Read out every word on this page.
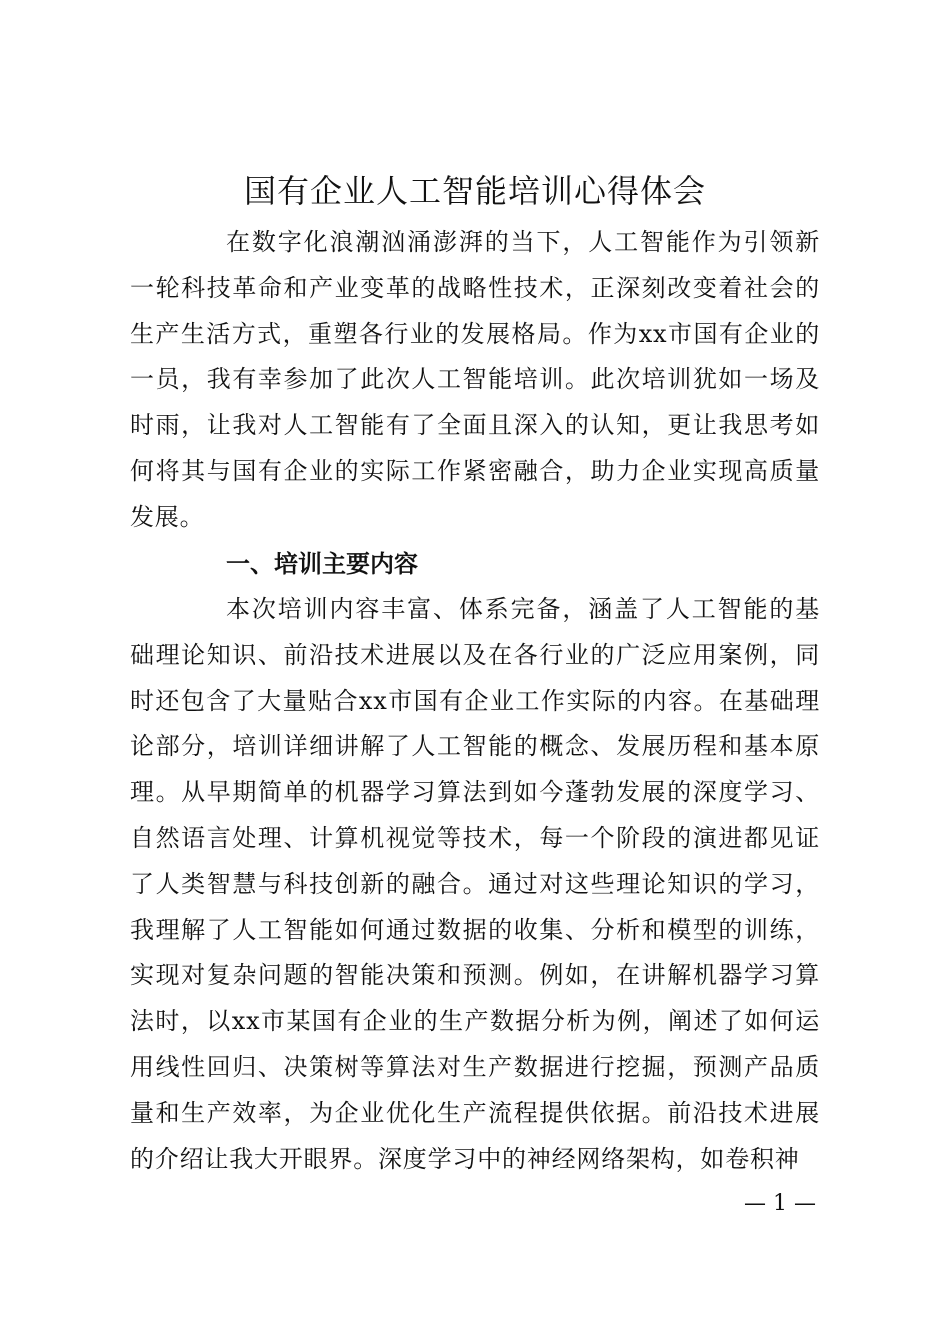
国有企业人工智能培训心得体会

在数字化浪潮汹涌澎湃的当下，人工智能作为引领新一轮科技革命和产业变革的战略性技术，正深刻改变着社会的生产生活方式，重塑各行业的发展格局。作为xx市国有企业的一员，我有幸参加了此次人工智能培训。此次培训犹如一场及时雨，让我对人工智能有了全面且深入的认知，更让我思考如何将其与国有企业的实际工作紧密融合，助力企业实现高质量发展。

一、培训主要内容

本次培训内容丰富、体系完备，涵盖了人工智能的基础理论知识、前沿技术进展以及在各行业的广泛应用案例，同时还包含了大量贴合xx市国有企业工作实际的内容。在基础理论部分，培训详细讲解了人工智能的概念、发展历程和基本原理。从早期简单的机器学习算法到如今蓬勃发展的深度学习、自然语言处理、计算机视觉等技术，每一个阶段的演进都见证了人类智慧与科技创新的融合。通过对这些理论知识的学习，我理解了人工智能如何通过数据的收集、分析和模型的训练，实现对复杂问题的智能决策和预测。例如，在讲解机器学习算法时，以xx市某国有企业的生产数据分析为例，阐述了如何运用线性回归、决策树等算法对生产数据进行挖掘，预测产品质量和生产效率，为企业优化生产流程提供依据。前沿技术进展的介绍让我大开眼界。深度学习中的神经网络架构，如卷积神

— 1 —
